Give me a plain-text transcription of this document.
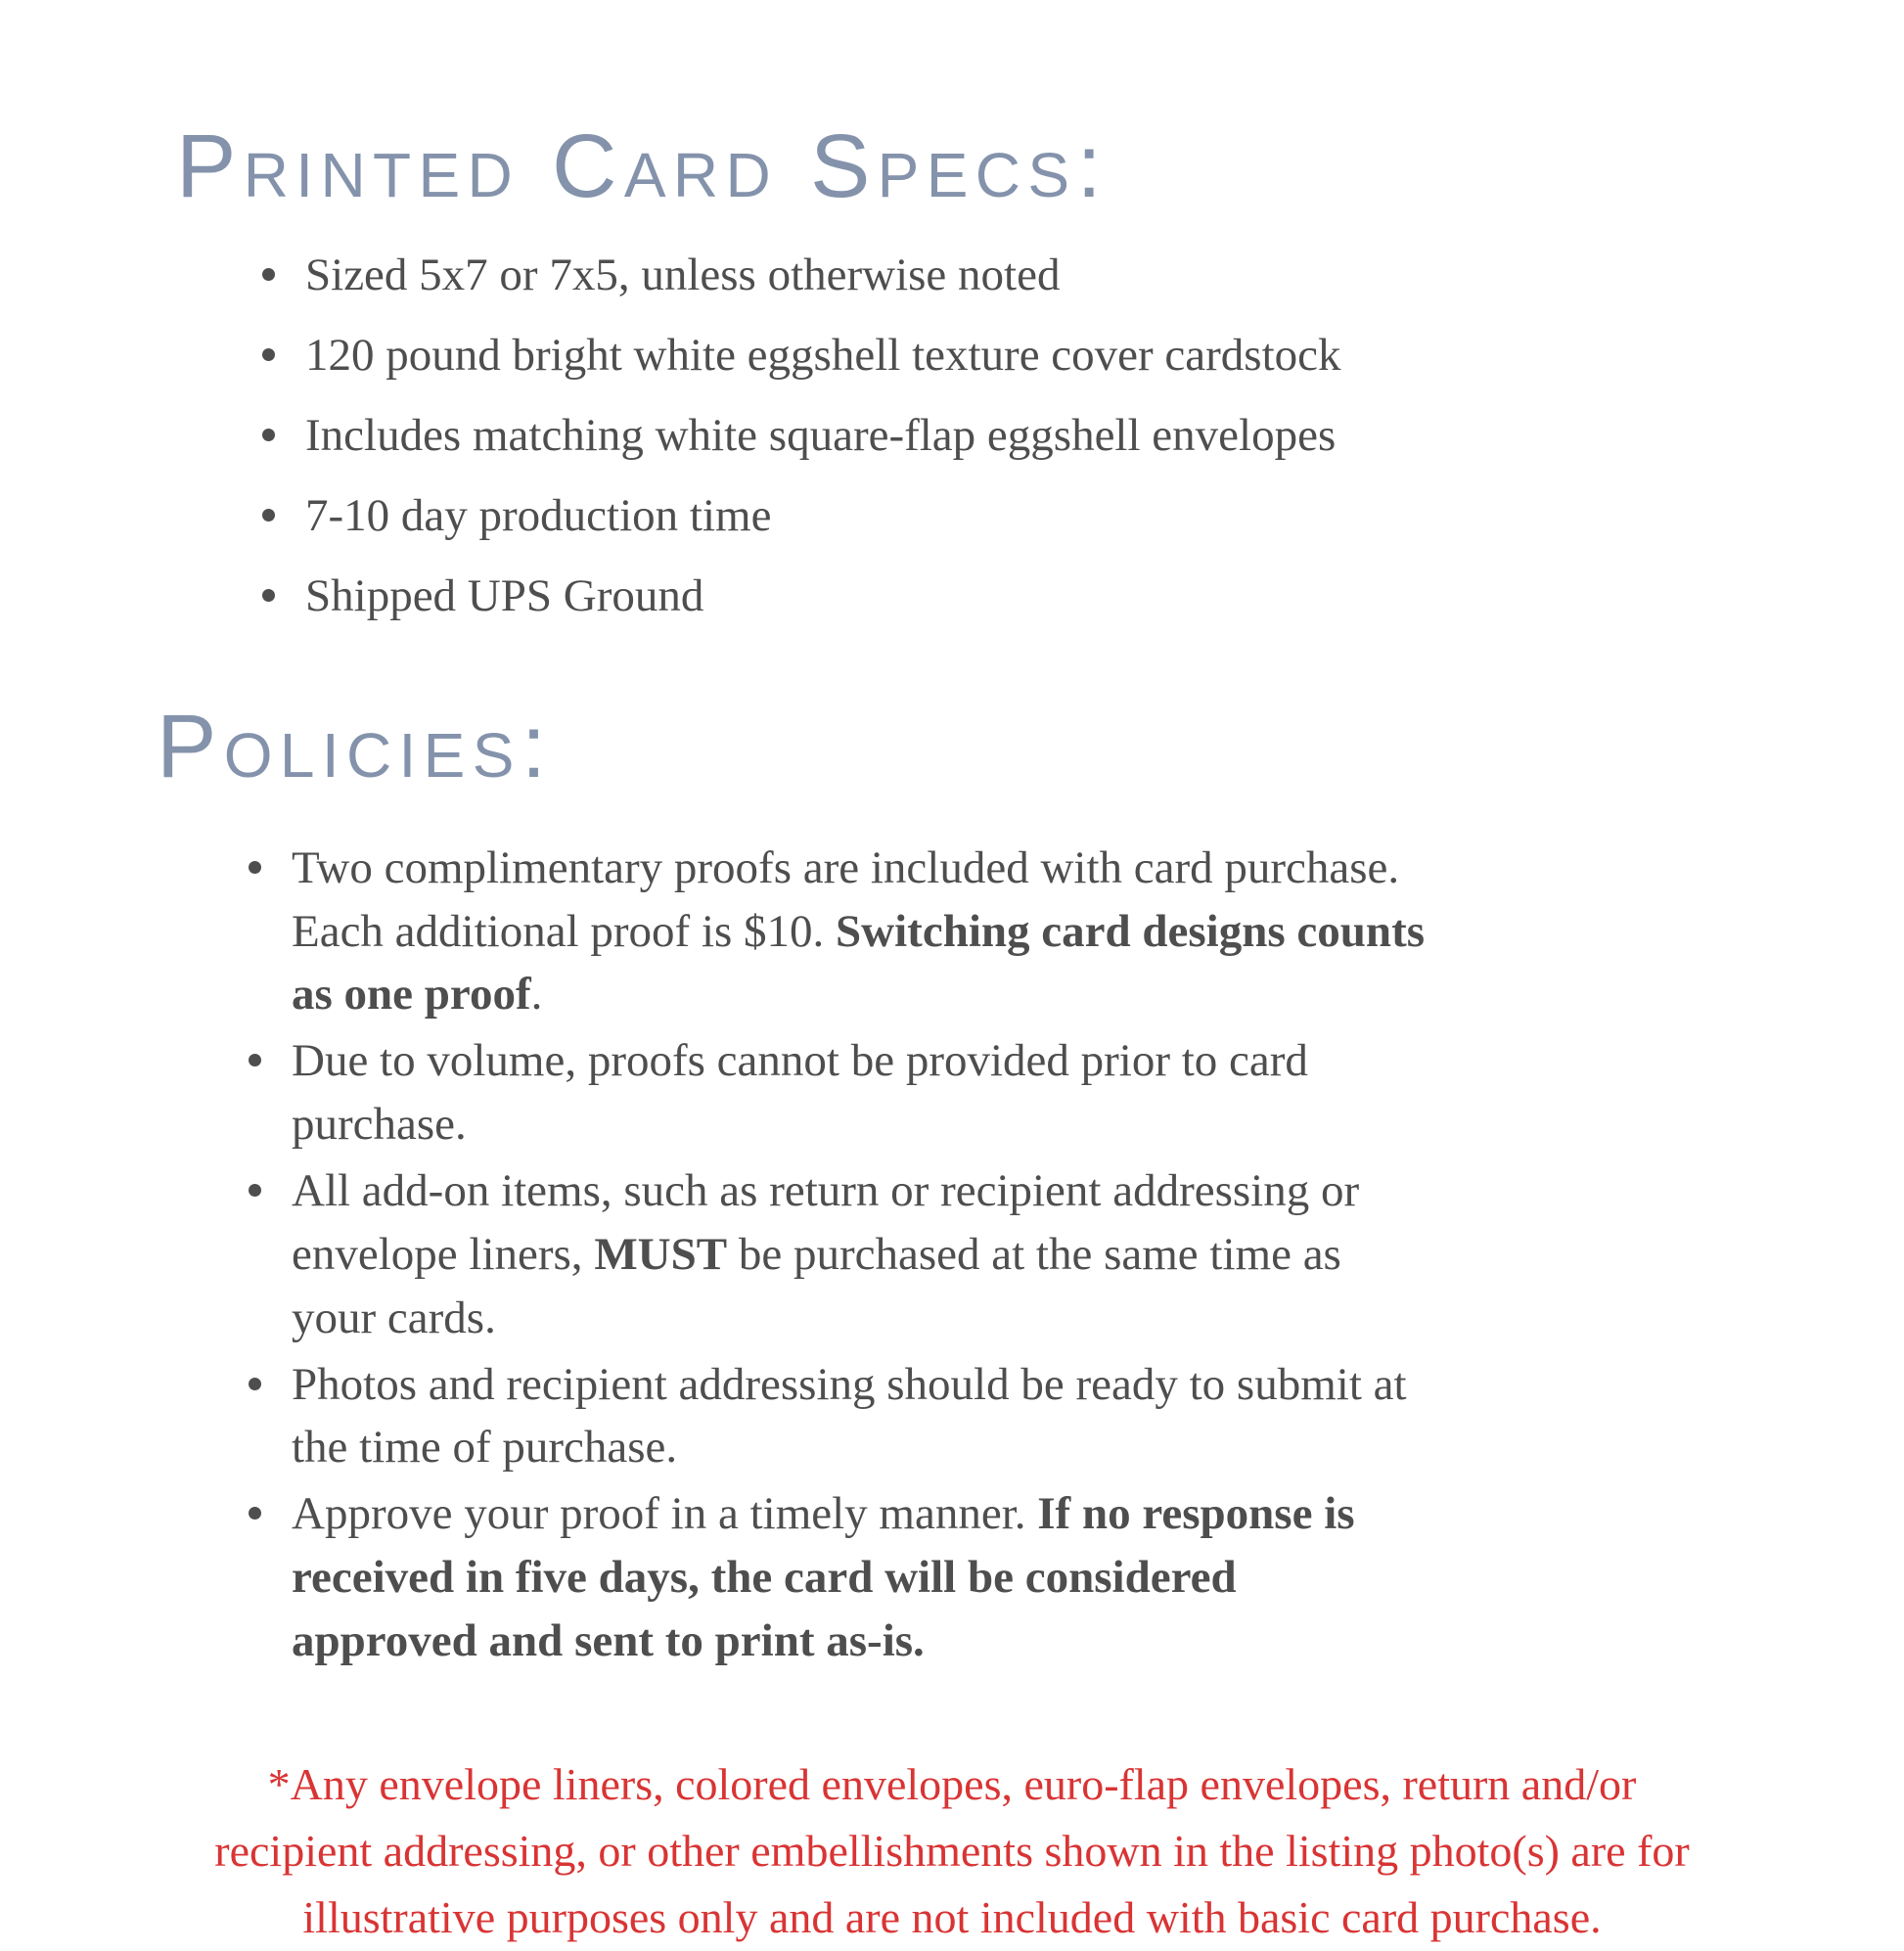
Printed Card Specs:
Sized 5x7 or 7x5, unless otherwise noted
120 pound bright white eggshell texture cover cardstock
Includes matching white square-flap eggshell envelopes
7-10 day production time
Shipped UPS Ground
Policies:
Two complimentary proofs are included with card purchase. Each additional proof is $10. Switching card designs counts as one proof.
Due to volume, proofs cannot be provided prior to card purchase.
All add-on items, such as return or recipient addressing or envelope liners, MUST be purchased at the same time as your cards.
Photos and recipient addressing should be ready to submit at the time of purchase.
Approve your proof in a timely manner. If no response is received in five days, the card will be considered approved and sent to print as-is.

*Any envelope liners, colored envelopes, euro-flap envelopes, return and/or recipient addressing, or other embellishments shown in the listing photo(s) are for illustrative purposes only and are not included with basic card purchase.
